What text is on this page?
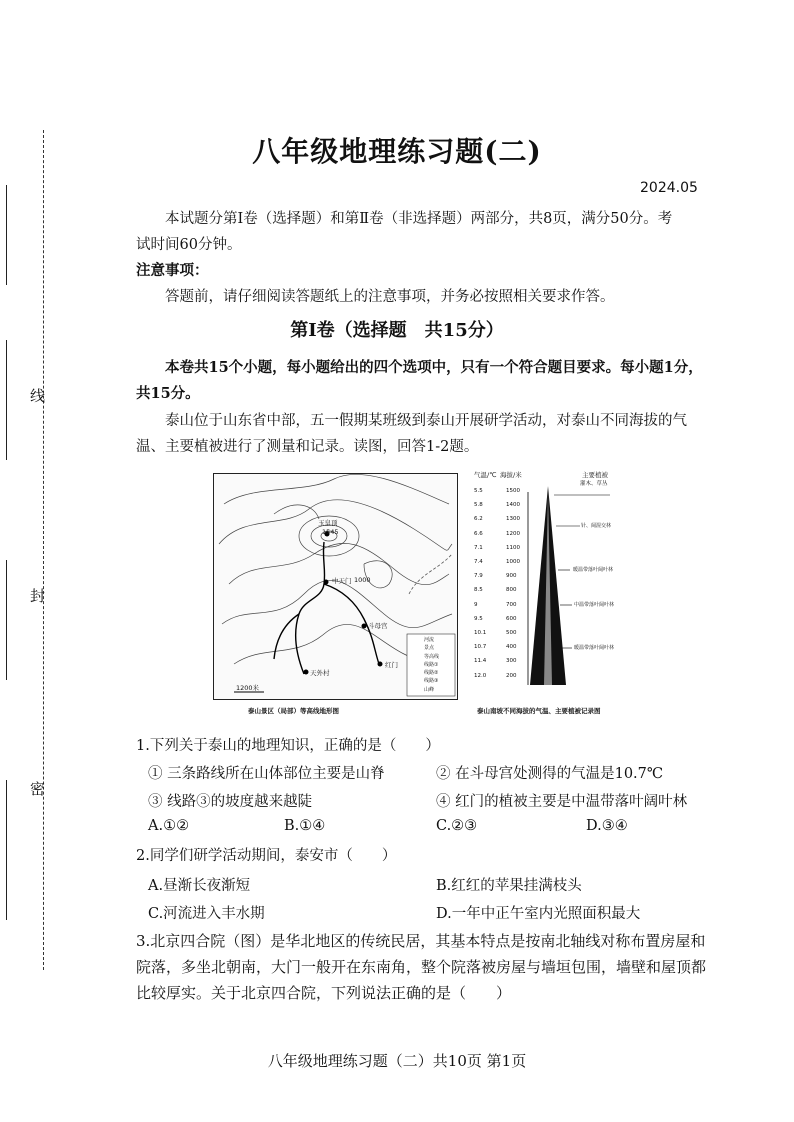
线
封
密
八年级地理练习题(二)
2024.05
本试题分第Ⅰ卷（选择题）和第Ⅱ卷（非选择题）两部分，共8页，满分50分。考
试时间60分钟。
注意事项：
答题前，请仔细阅读答题纸上的注意事项，并务必按照相关要求作答。
第Ⅰ卷（选择题　共15分）
本卷共15个小题，每小题给出的四个选项中，只有一个符合题目要求。每小题1分，
共15分。
泰山位于山东省中部，五一假期某班级到泰山开展研学活动，对泰山不同海拔的气
温、主要植被进行了测量和记录。读图，回答1-2题。
玉皇顶
1545
中天门 1000
斗母宫
红门
天外村
1200米
河流
景点
等高线
线路①
线路②
线路③
山峰
泰山景区（局部）等高线地形图
气温/℃ 海拔/米	主要植被
灌木、草丛
针、阔混交林
暖温带落叶阔叶林
中温带落叶阔叶林
暖温带落叶阔叶林
5.5	1500
5.8	1400
6.2	1300
6.6	1200
7.1	1100
7.4	1000
7.9	900
8.5	800
9	700
9.5	600
10.1	500
10.7	400
11.4	300
12.0	200
泰山南坡不同海拔的气温、主要植被记录图
1.下列关于泰山的地理知识，正确的是（　　）
① 三条路线所在山体部位主要是山脊	② 在斗母宫处测得的气温是10.7℃
③ 线路③的坡度越来越陡	④ 红门的植被主要是中温带落叶阔叶林
A.①②	B.①④	C.②③	D.③④
2.同学们研学活动期间，泰安市（　　）
A.昼渐长夜渐短	B.红红的苹果挂满枝头
C.河流进入丰水期	D.一年中正午室内光照面积最大
3.北京四合院（图）是华北地区的传统民居，其基本特点是按南北轴线对称布置房屋和
院落，多坐北朝南，大门一般开在东南角，整个院落被房屋与墙垣包围，墙壁和屋顶都
比较厚实。关于北京四合院，下列说法正确的是（　　）
八年级地理练习题（二）共10页 第1页
